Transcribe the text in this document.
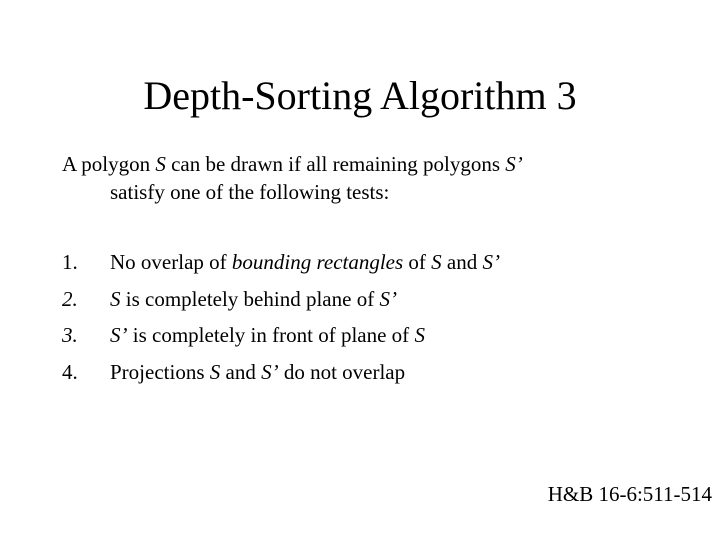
Depth-Sorting Algorithm 3
A polygon S can be drawn if all remaining polygons S’
satisfy one of the following tests:
1.	No overlap of bounding rectangles of S and S’
2.	S is completely behind plane of S’
3.	S’ is completely in front of plane of S
4.	Projections S and S’ do not overlap
H&B 16-6:511-514
